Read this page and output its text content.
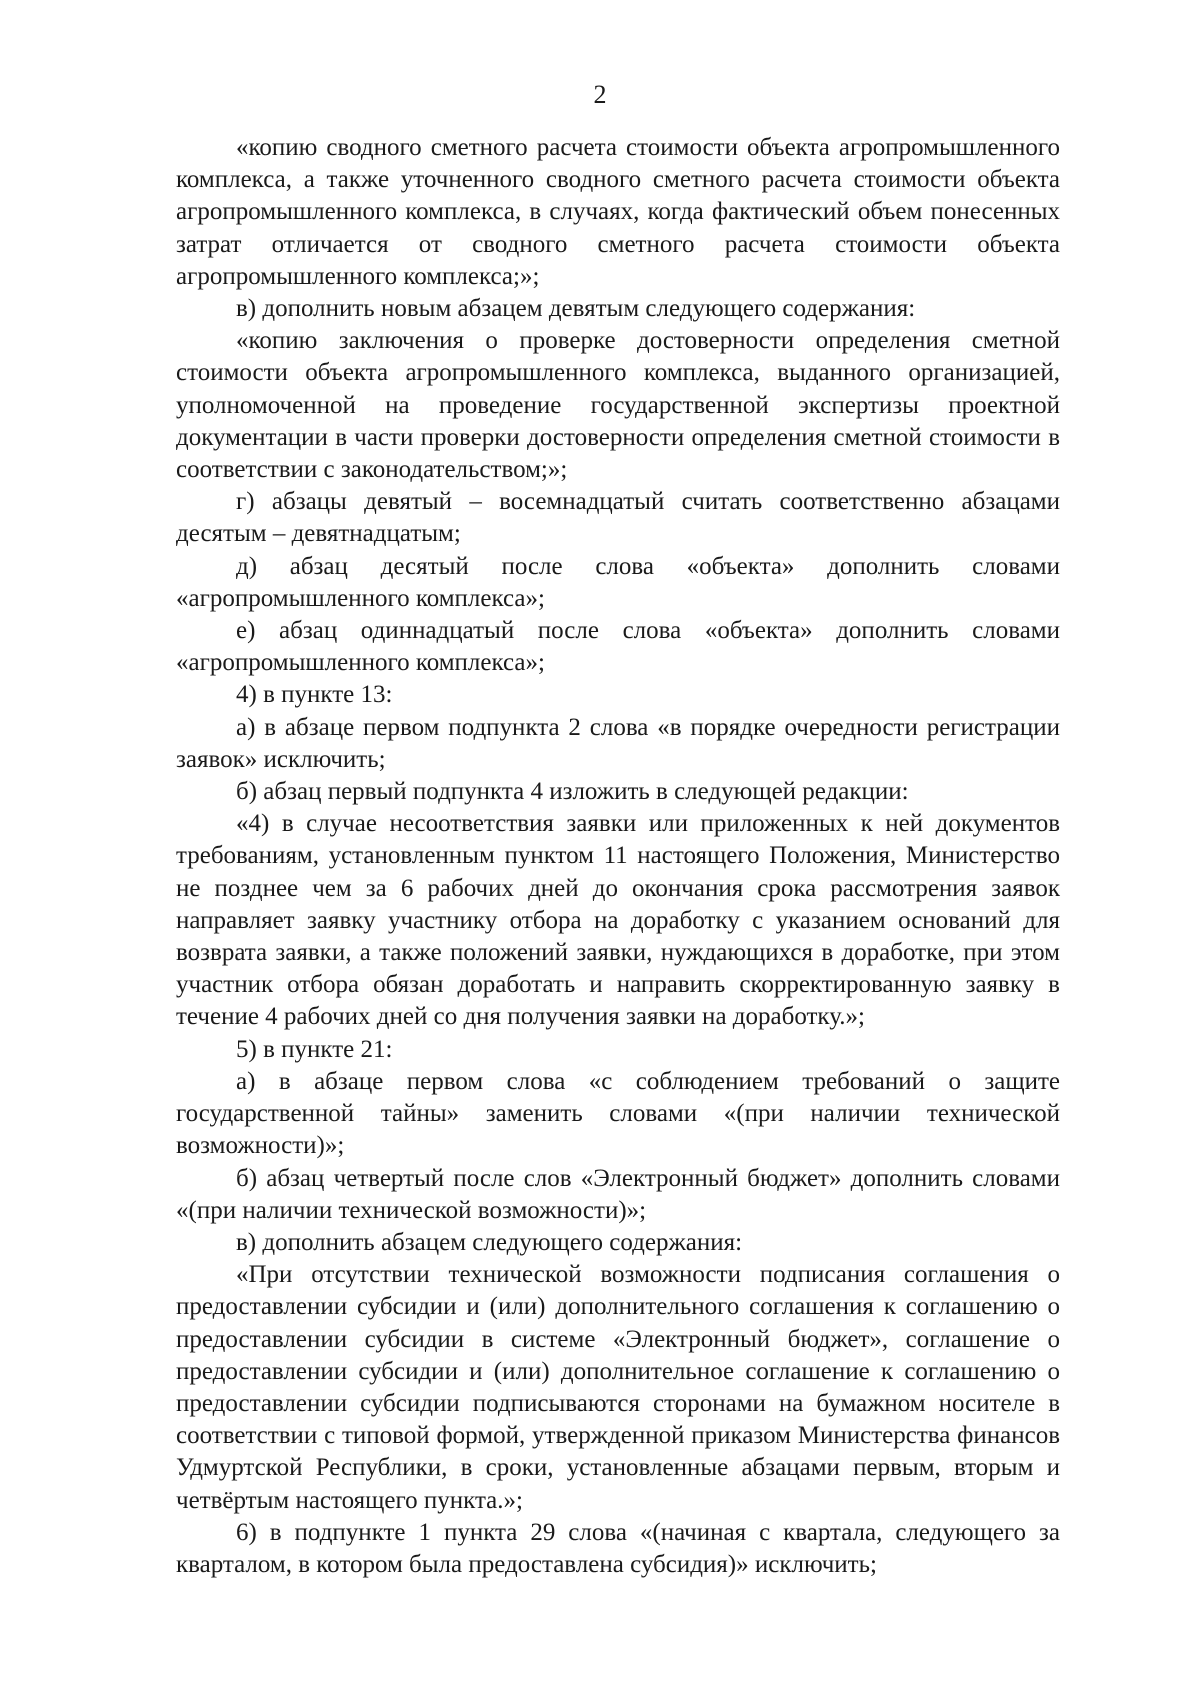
2

«копию сводного сметного расчета стоимости объекта агропромышленного комплекса, а также уточненного сводного сметного расчета стоимости объекта агропромышленного комплекса, в случаях, когда фактический объем понесенных затрат отличается от сводного сметного расчета стоимости объекта агропромышленного комплекса;»;

в) дополнить новым абзацем девятым следующего содержания:

«копию заключения о проверке достоверности определения сметной стоимости объекта агропромышленного комплекса, выданного организацией, уполномоченной на проведение государственной экспертизы проектной документации в части проверки достоверности определения сметной стоимости в соответствии с законодательством;»;

г) абзацы девятый – восемнадцатый считать соответственно абзацами десятым – девятнадцатым;

д) абзац десятый после слова «объекта» дополнить словами «агропромышленного комплекса»;

е) абзац одиннадцатый после слова «объекта» дополнить словами «агропромышленного комплекса»;

4) в пункте 13:

а) в абзаце первом подпункта 2 слова «в порядке очередности регистрации заявок» исключить;

б) абзац первый подпункта 4 изложить в следующей редакции:

«4) в случае несоответствия заявки или приложенных к ней документов требованиям, установленным пунктом 11 настоящего Положения, Министерство не позднее чем за 6 рабочих дней до окончания срока рассмотрения заявок направляет заявку участнику отбора на доработку с указанием оснований для возврата заявки, а также положений заявки, нуждающихся в доработке, при этом участник отбора обязан доработать и направить скорректированную заявку в течение 4 рабочих дней со дня получения заявки на доработку.»;

5) в пункте 21:

а) в абзаце первом слова «с соблюдением требований о защите государственной тайны» заменить словами «(при наличии технической возможности)»;

б) абзац четвертый после слов «Электронный бюджет» дополнить словами «(при наличии технической возможности)»;

в) дополнить абзацем следующего содержания:

«При отсутствии технической возможности подписания соглашения о предоставлении субсидии и (или) дополнительного соглашения к соглашению о предоставлении субсидии в системе «Электронный бюджет», соглашение о предоставлении субсидии и (или) дополнительное соглашение к соглашению о предоставлении субсидии подписываются сторонами на бумажном носителе в соответствии с типовой формой, утвержденной приказом Министерства финансов Удмуртской Республики, в сроки, установленные абзацами первым, вторым и четвёртым настоящего пункта.»;

6) в подпункте 1 пункта 29 слова «(начиная с квартала, следующего за кварталом, в котором была предоставлена субсидия)» исключить;
